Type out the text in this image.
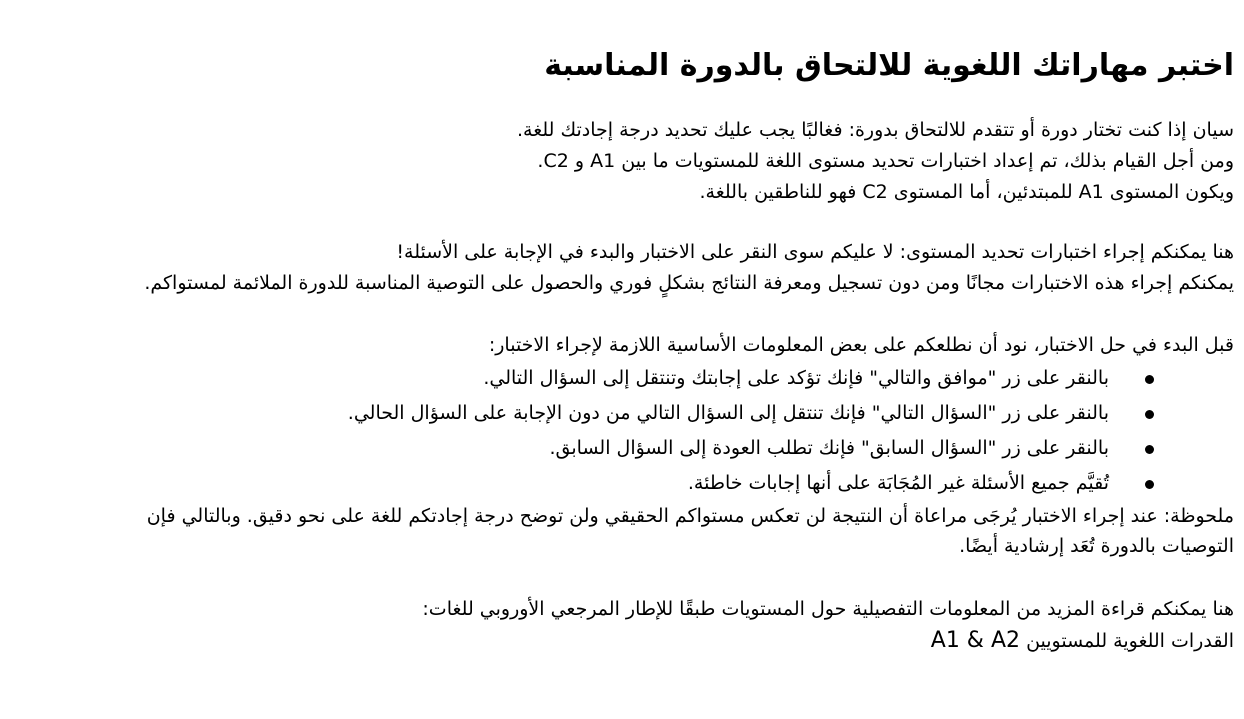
اختبر مهاراتك اللغوية للالتحاق بالدورة المناسبة

سيان إذا كنت تختار دورة أو تتقدم للالتحاق بدورة: فغالبًا يجب عليك تحديد درجة إجادتك للغة.
ومن أجل القيام بذلك، تم إعداد اختبارات تحديد مستوى اللغة للمستويات ما بين A1 و C2.
ويكون المستوى A1 للمبتدئين، أما المستوى C2 فهو للناطقين باللغة.

هنا يمكنكم إجراء اختبارات تحديد المستوى: لا عليكم سوى النقر على الاختبار والبدء في الإجابة على الأسئلة!
يمكنكم إجراء هذه الاختبارات مجانًا ومن دون تسجيل ومعرفة النتائج بشكلٍ فوري والحصول على التوصية المناسبة للدورة الملائمة لمستواكم.

قبل البدء في حل الاختبار، نود أن نطلعكم على بعض المعلومات الأساسية اللازمة لإجراء الاختبار:

بالنقر على زر "موافق والتالي" فإنك تؤكد على إجابتك وتنتقل إلى السؤال التالي.
بالنقر على زر "السؤال التالي" فإنك تنتقل إلى السؤال التالي من دون الإجابة على السؤال الحالي.
بالنقر على زر "السؤال السابق" فإنك تطلب العودة إلى السؤال السابق.
تُقيَّم جميع الأسئلة غير المُجَابَة على أنها إجابات خاطئة.

ملحوظة: عند إجراء الاختبار يُرجَى مراعاة أن النتيجة لن تعكس مستواكم الحقيقي ولن توضح درجة إجادتكم للغة على نحو دقيق. وبالتالي فإن
التوصيات بالدورة تُعَد إرشادية أيضًا.

هنا يمكنكم قراءة المزيد من المعلومات التفصيلية حول المستويات طبقًا للإطار المرجعي الأوروبي للغات:

القدرات اللغوية للمستويين A1 & A2
